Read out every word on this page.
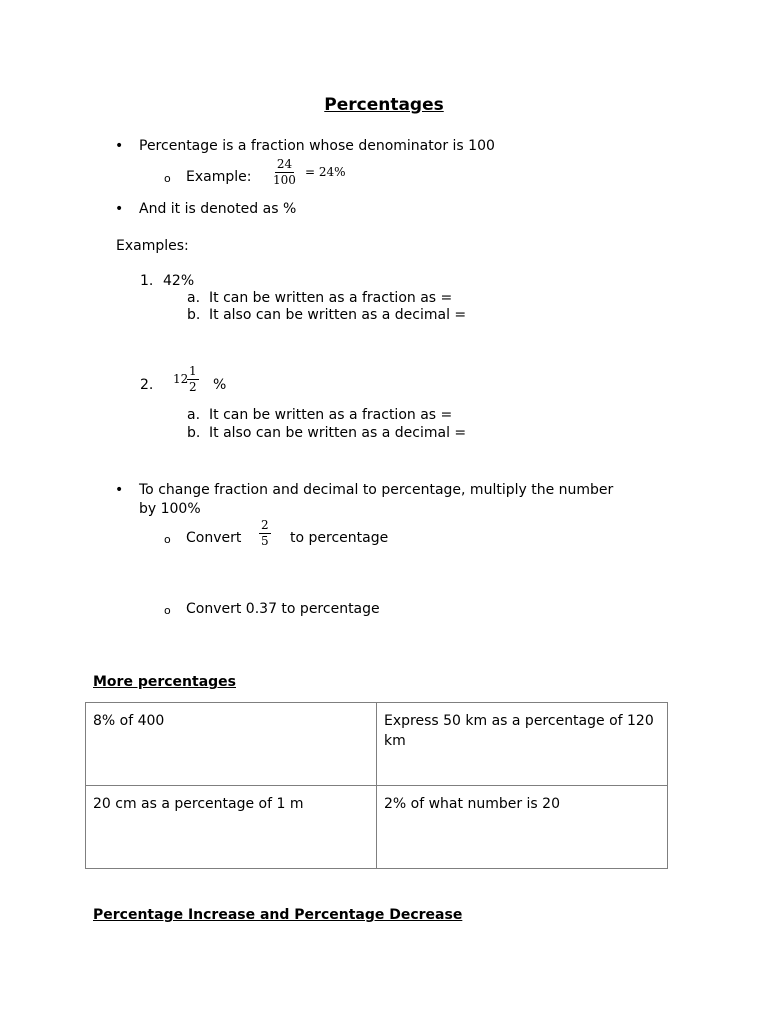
Percentages
• Percentage is a fraction whose denominator is 100
o Example: $\frac{24}{100} = 24\%$
• And it is denoted as %
Examples:
1. 42%
a. It can be written as a fraction as =
b. It also can be written as a decimal =
2. 12
$\frac{1}{2}$ %
a. It can be written as a fraction as =
b. It also can be written as a decimal =
• To change fraction and decimal to percentage, multiply the number
by 100%
o Convert $\frac{2}{5}$ to percentage
o Convert 0.37 to percentage
More percentages
8% of 400	Express 50 km as a percentage of 120 km
20 cm as a percentage of 1 m	2% of what number is 20
Percentage Increase and Percentage Decrease
